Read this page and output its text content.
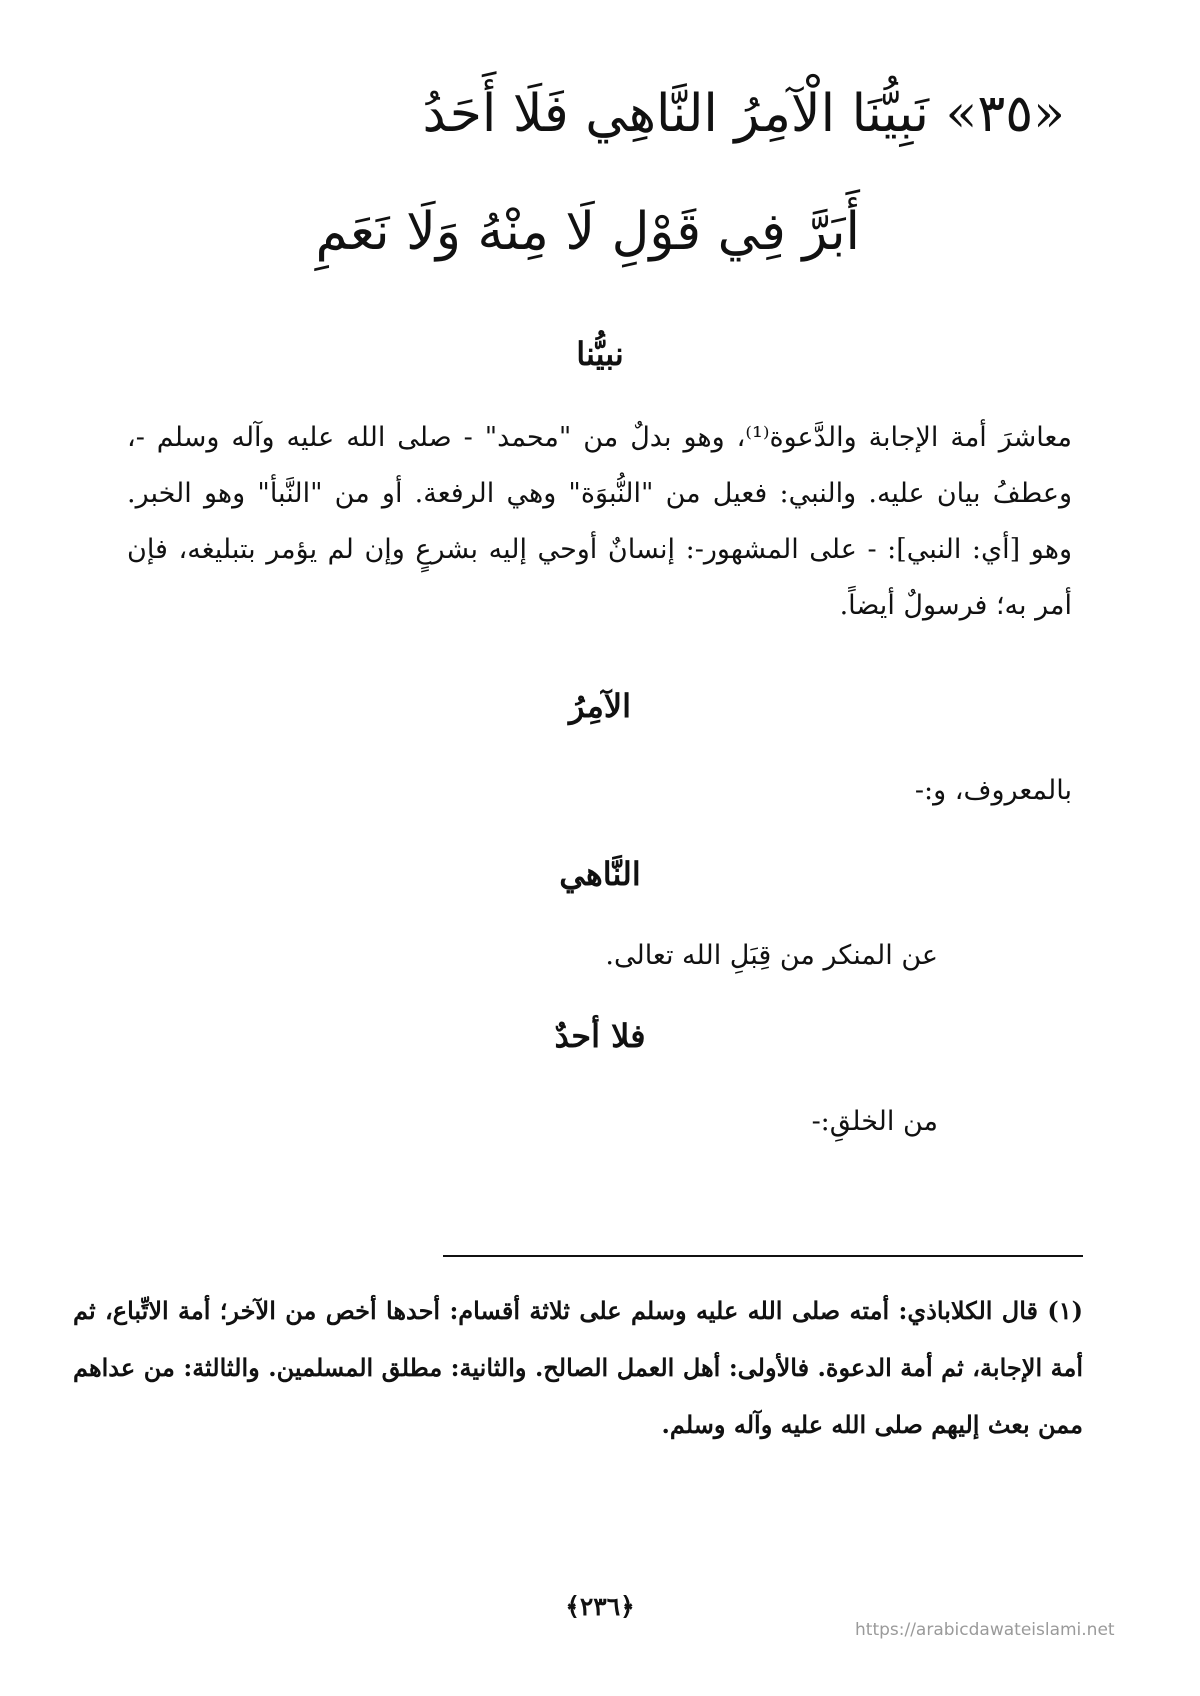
«٣٥» نَبِيُّنَا الْآمِرُ النَّاهِي فَلَا أَحَدُ
أَبَرَّ فِي قَوْلِ لَا مِنْهُ وَلَا نَعَمِ
نبيُّنا
معاشرَ أمة الإجابة والدَّعوة⁽¹⁾، وهو بدلٌ من "محمد" - صلى الله عليه وآله وسلم -، وعطفُ بيان عليه. والنبي: فعيل من "النُّبوَة" وهي الرفعة. أو من "النَّبأ" وهو الخبر. وهو [أي: النبي]: - على المشهور-: إنسانٌ أوحي إليه بشرعٍ وإن لم يؤمر بتبليغه، فإن أمر به؛ فرسولٌ أيضاً.
الآمِرُ
بالمعروف، و:-
النَّاهي
عن المنكر من قِبَلِ الله تعالى.
فلا أحدٌ
من الخلقِ:-
(١) قال الكلاباذي: أمته صلى الله عليه وسلم على ثلاثة أقسام: أحدها أخص من الآخر؛ أمة الاتِّباع، ثم أمة الإجابة، ثم أمة الدعوة. فالأولى: أهل العمل الصالح. والثانية: مطلق المسلمين. والثالثة: من عداهم ممن بعث إليهم صلى الله عليه وآله وسلم.
﴿٢٣٦﴾
https://arabicdawateislami.net
